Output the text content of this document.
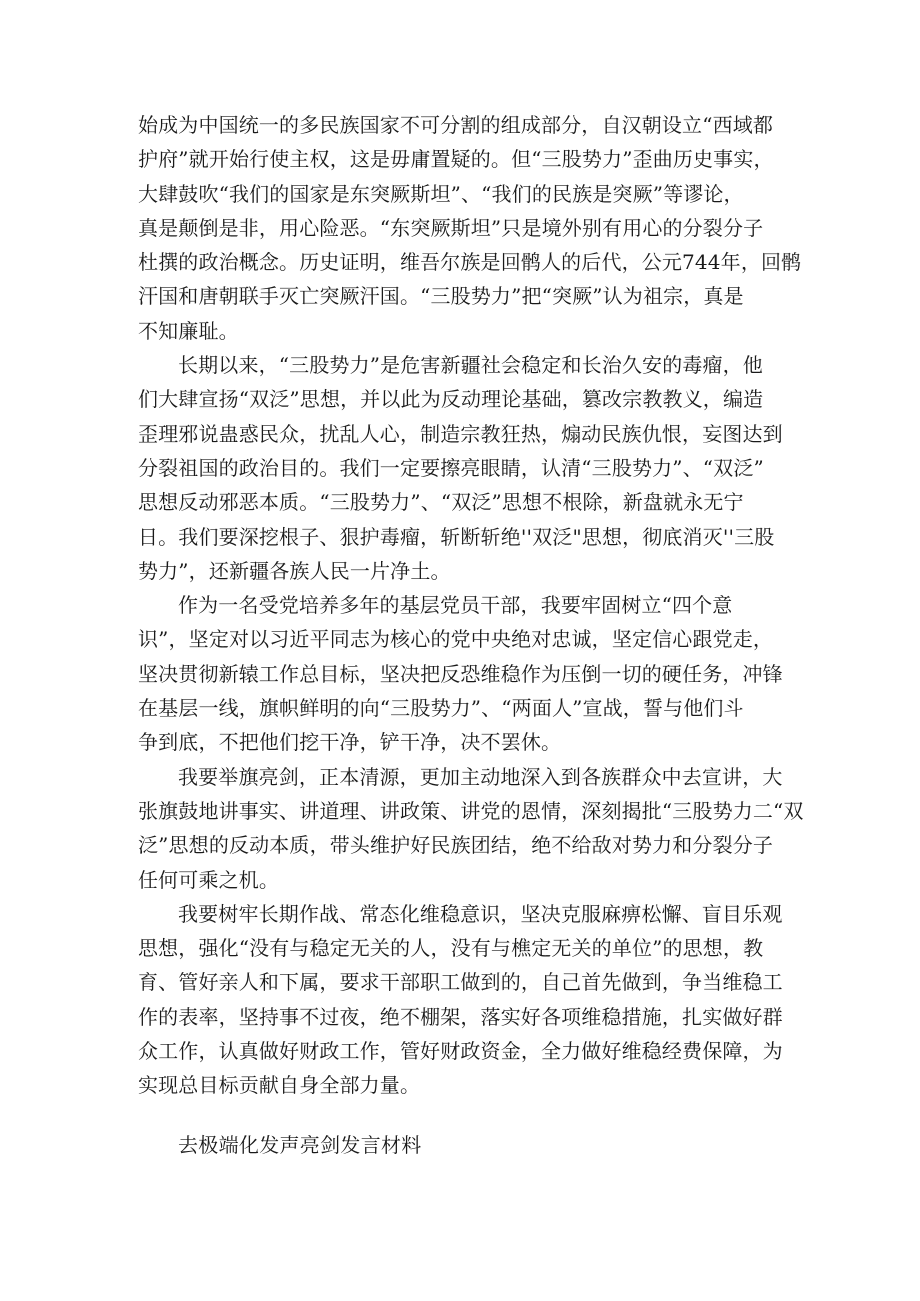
始成为中国统一的多民族国家不可分割的组成部分，自汉朝设立“西域都
护府”就开始行使主权，这是毋庸置疑的。但“三股势力”歪曲历史事实，
大肆鼓吹“我们的国家是东突厥斯坦”、“我们的民族是突厥”等谬论，
真是颠倒是非，用心险恶。“东突厥斯坦”只是境外别有用心的分裂分子
杜撰的政治概念。历史证明，维吾尔族是回鹘人的后代，公元744年，回鹘
汗国和唐朝联手灭亡突厥汗国。“三股势力”把“突厥”认为祖宗，真是
不知廉耻。

长期以来，“三股势力”是危害新疆社会稳定和长治久安的毒瘤，他
们大肆宣扬“双泛”思想，并以此为反动理论基础，篡改宗教教义，编造
歪理邪说蛊惑民众，扰乱人心，制造宗教狂热，煽动民族仇恨，妄图达到
分裂祖国的政治目的。我们一定要擦亮眼睛，认清“三股势力”、“双泛”
思想反动邪恶本质。“三股势力”、“双泛”思想不根除，新盘就永无宁
日。我们要深挖根子、狠护毒瘤，斩断斩绝''双泛"思想，彻底消灭''三股
势力”，还新疆各族人民一片净土。

作为一名受党培养多年的基层党员干部，我要牢固树立“四个意
识”，坚定对以习近平同志为核心的党中央绝对忠诚，坚定信心跟党走，
坚决贯彻新辕工作总目标，坚决把反恐维稳作为压倒一切的硬任务，冲锋
在基层一线，旗帜鲜明的向“三股势力”、“两面人”宣战，誓与他们斗
争到底，不把他们挖干净，铲干净，决不罢休。

我要举旗亮剑，正本清源，更加主动地深入到各族群众中去宣讲，大
张旗鼓地讲事实、讲道理、讲政策、讲党的恩情，深刻揭批“三股势力二“双
泛”思想的反动本质，带头维护好民族团结，绝不给敌对势力和分裂分子
任何可乘之机。

我要树牢长期作战、常态化维稳意识，坚决克服麻痹松懈、盲目乐观
思想，强化“没有与稳定无关的人，没有与樵定无关的单位”的思想，教
育、管好亲人和下属，要求干部职工做到的，自己首先做到，争当维稳工
作的表率，坚持事不过夜，绝不棚架，落实好各项维稳措施，扎实做好群
众工作，认真做好财政工作，管好财政资金，全力做好维稳经费保障，为
实现总目标贡献自身全部力量。

去极端化发声亮剑发言材料
